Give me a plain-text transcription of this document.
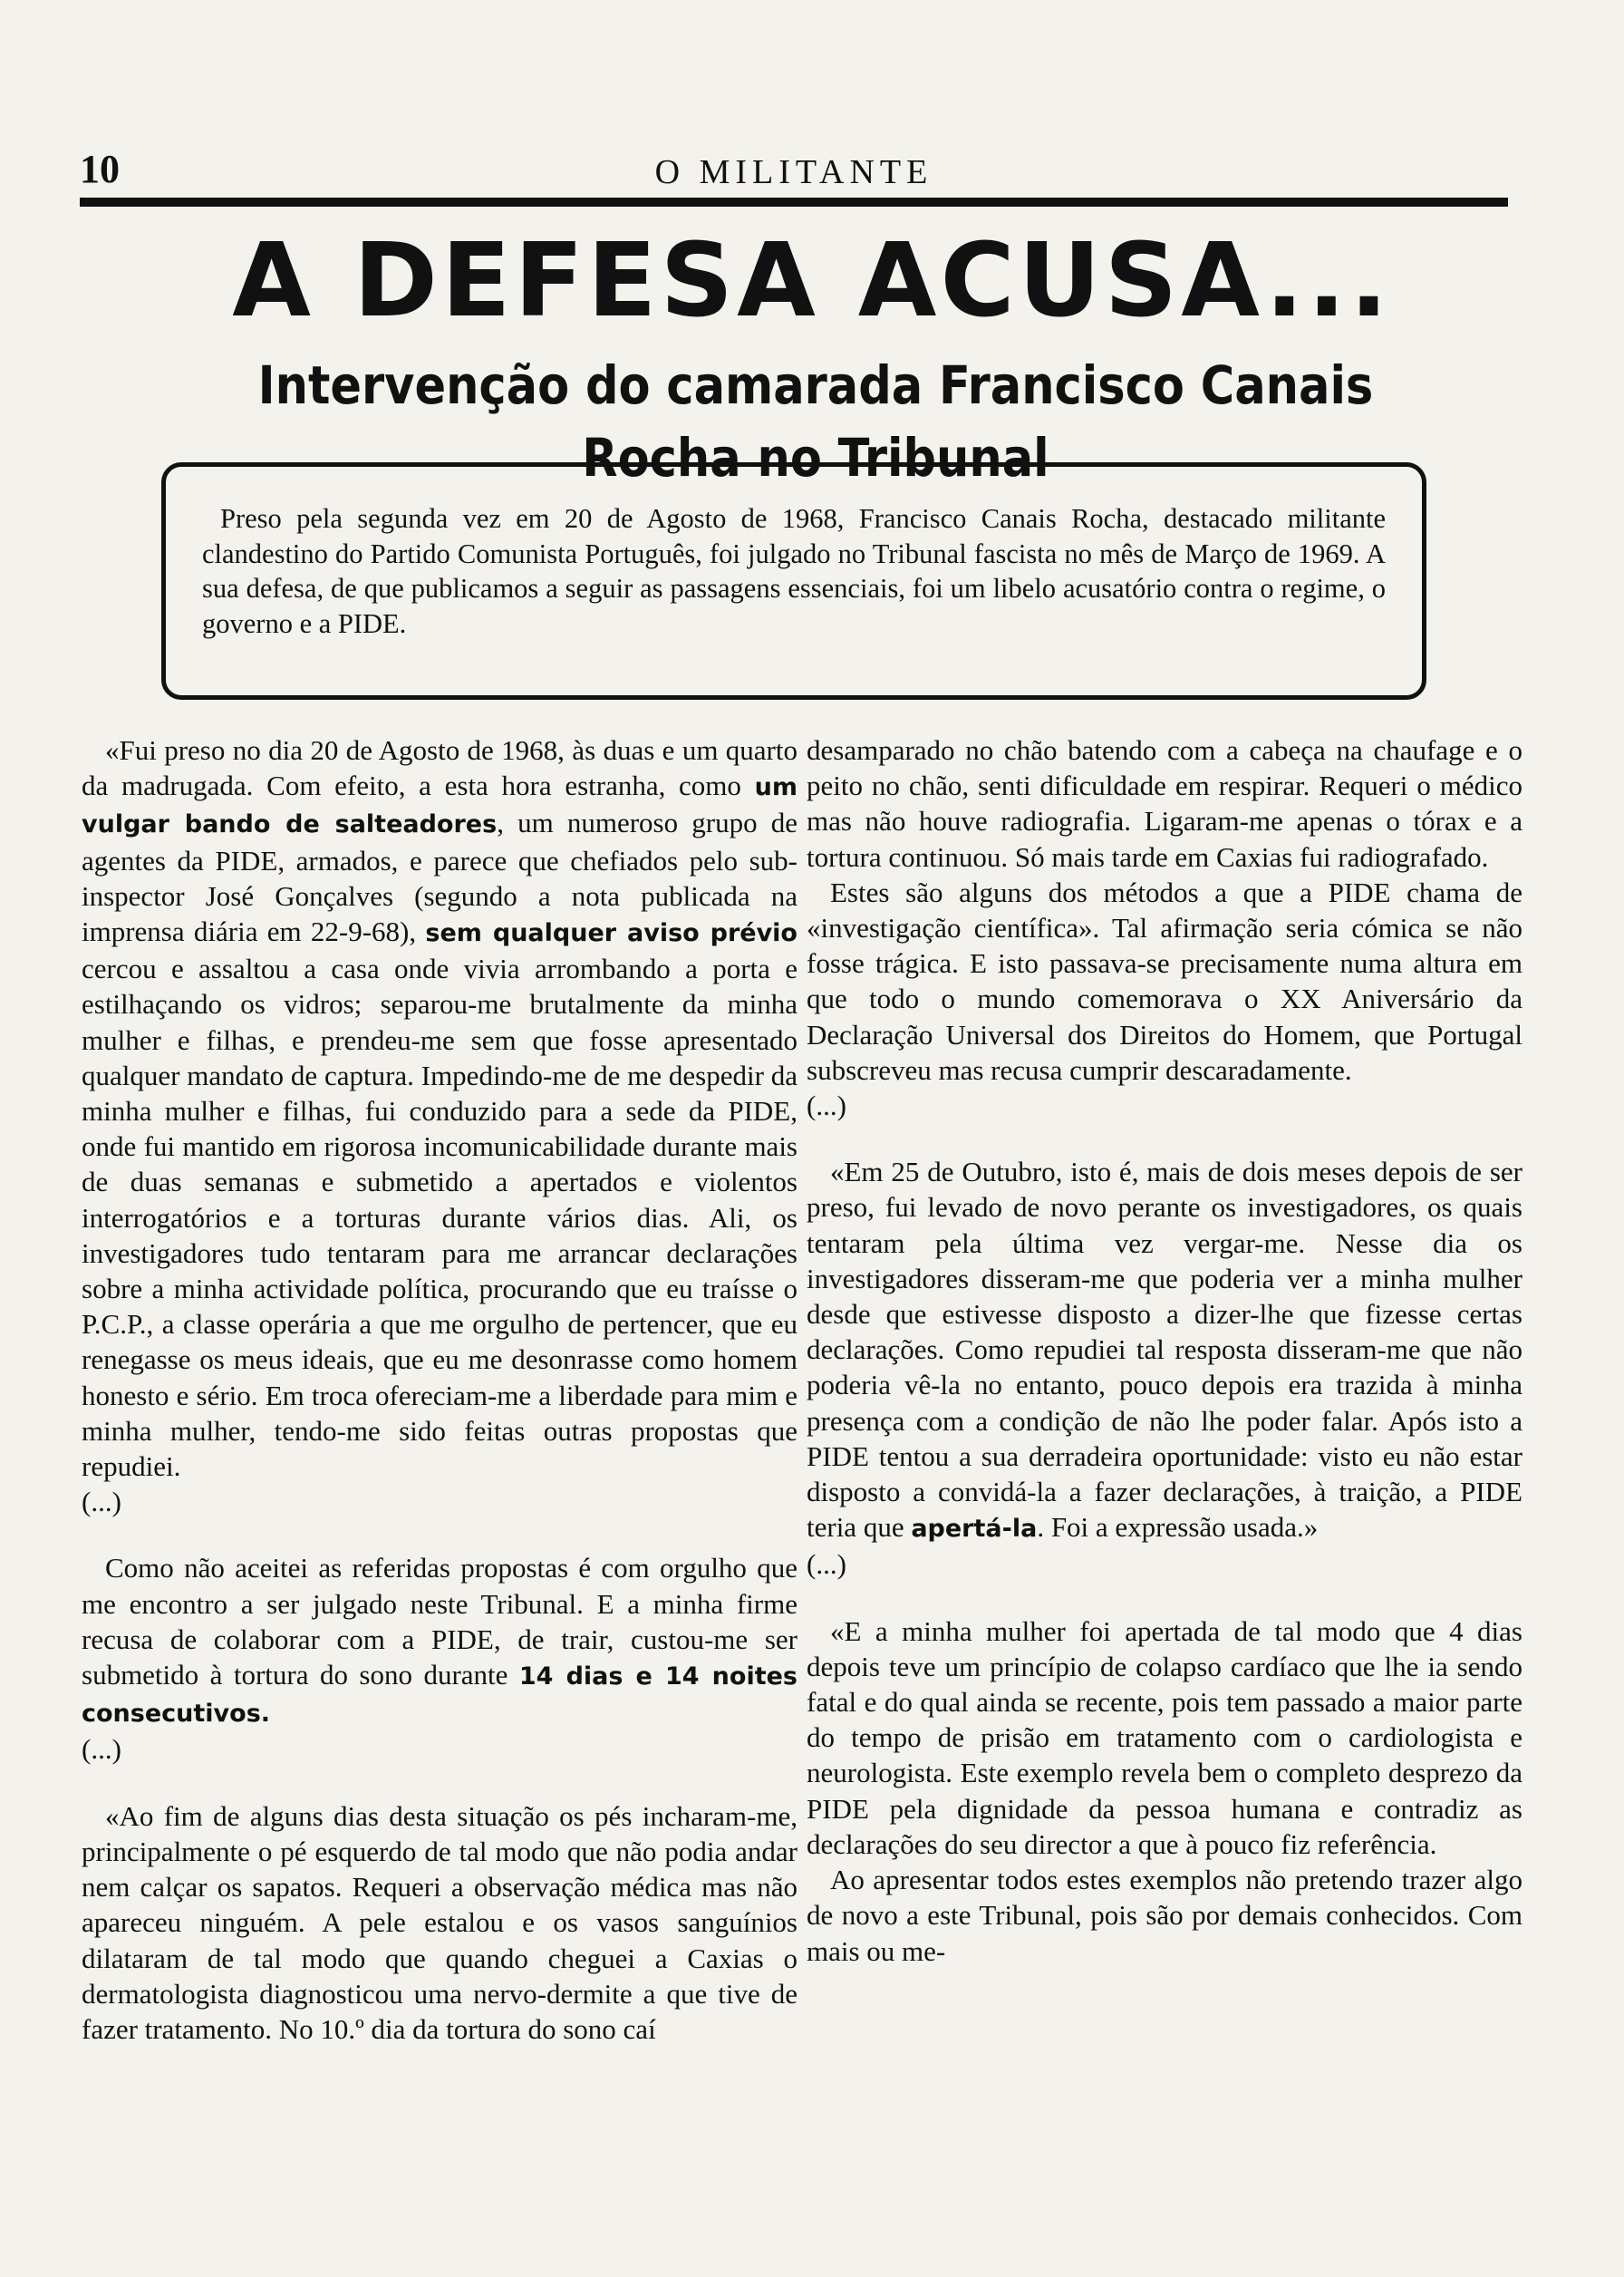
10	O MILITANTE
A DEFESA ACUSA...
Intervenção do camarada Francisco Canais Rocha no Tribunal

Preso pela segunda vez em 20 de Agosto de 1968, Francisco Canais Rocha, destacado militante clandestino do Partido Comunista Português, foi julgado no Tribunal fascista no mês de Março de 1969. A sua defesa, de que publicamos a seguir as passagens essenciais, foi um libelo acusatório contra o regime, o governo e a PIDE.

«Fui preso no dia 20 de Agosto de 1968, às duas e um quarto da madrugada. Com efeito, a esta hora estranha, como um vulgar bando de salteadores, um numeroso grupo de agentes da PIDE, armados, e parece que chefiados pelo sub-inspector José Gonçalves (segundo a nota publicada na imprensa diária em 22-9-68), sem qualquer aviso prévio cercou e assaltou a casa onde vivia arrombando a porta e estilhaçando os vidros; separou-me brutalmente da minha mulher e filhas, e prendeu-me sem que fosse apresentado qualquer mandato de captura. Impedindo-me de me despedir da minha mulher e filhas, fui conduzido para a sede da PIDE, onde fui mantido em rigorosa incomunicabilidade durante mais de duas semanas e submetido a apertados e violentos interrogatórios e a torturas durante vários dias. Ali, os investigadores tudo tentaram para me arrancar declarações sobre a minha actividade política, procurando que eu traísse o P.C.P., a classe operária a que me orgulho de pertencer, que eu renegasse os meus ideais, que eu me desonrasse como homem honesto e sério. Em troca ofereciam-me a liberdade para mim e minha mulher, tendo-me sido feitas outras propostas que repudiei.

(...)

Como não aceitei as referidas propostas é com orgulho que me encontro a ser julgado neste Tribunal. E a minha firme recusa de colaborar com a PIDE, de trair, custou-me ser submetido à tortura do sono durante 14 dias e 14 noites consecutivos.

(...)

«Ao fim de alguns dias desta situação os pés incharam-me, principalmente o pé esquerdo de tal modo que não podia andar nem calçar os sapatos. Requeri a observação médica mas não apareceu ninguém. A pele estalou e os vasos sanguínios dilataram de tal modo que quando cheguei a Caxias o dermatologista diagnosticou uma nervo-dermite a que tive de fazer tratamento. No 10.º dia da tortura do sono caí

desamparado no chão batendo com a cabeça na chaufage e o peito no chão, senti dificuldade em respirar. Requeri o médico mas não houve radiografia. Ligaram-me apenas o tórax e a tortura continuou. Só mais tarde em Caxias fui radiografado.

Estes são alguns dos métodos a que a PIDE chama de «investigação científica». Tal afirmação seria cómica se não fosse trágica. E isto passava-se precisamente numa altura em que todo o mundo comemorava o XX Aniversário da Declaração Universal dos Direitos do Homem, que Portugal subscreveu mas recusa cumprir descaradamente.

(...)

«Em 25 de Outubro, isto é, mais de dois meses depois de ser preso, fui levado de novo perante os investigadores, os quais tentaram pela última vez vergar-me. Nesse dia os investigadores disseram-me que poderia ver a minha mulher desde que estivesse disposto a dizer-lhe que fizesse certas declarações. Como repudiei tal resposta disseram-me que não poderia vê-la no entanto, pouco depois era trazida à minha presença com a condição de não lhe poder falar. Após isto a PIDE tentou a sua derradeira oportunidade: visto eu não estar disposto a convidá-la a fazer declarações, à traição, a PIDE teria que apertá-la. Foi a expressão usada.»

(...)

«E a minha mulher foi apertada de tal modo que 4 dias depois teve um princípio de colapso cardíaco que lhe ia sendo fatal e do qual ainda se recente, pois tem passado a maior parte do tempo de prisão em tratamento com o cardiologista e neurologista. Este exemplo revela bem o completo desprezo da PIDE pela dignidade da pessoa humana e contradiz as declarações do seu director a que à pouco fiz referência.

Ao apresentar todos estes exemplos não pretendo trazer algo de novo a este Tribunal, pois são por demais conhecidos. Com mais ou me-
